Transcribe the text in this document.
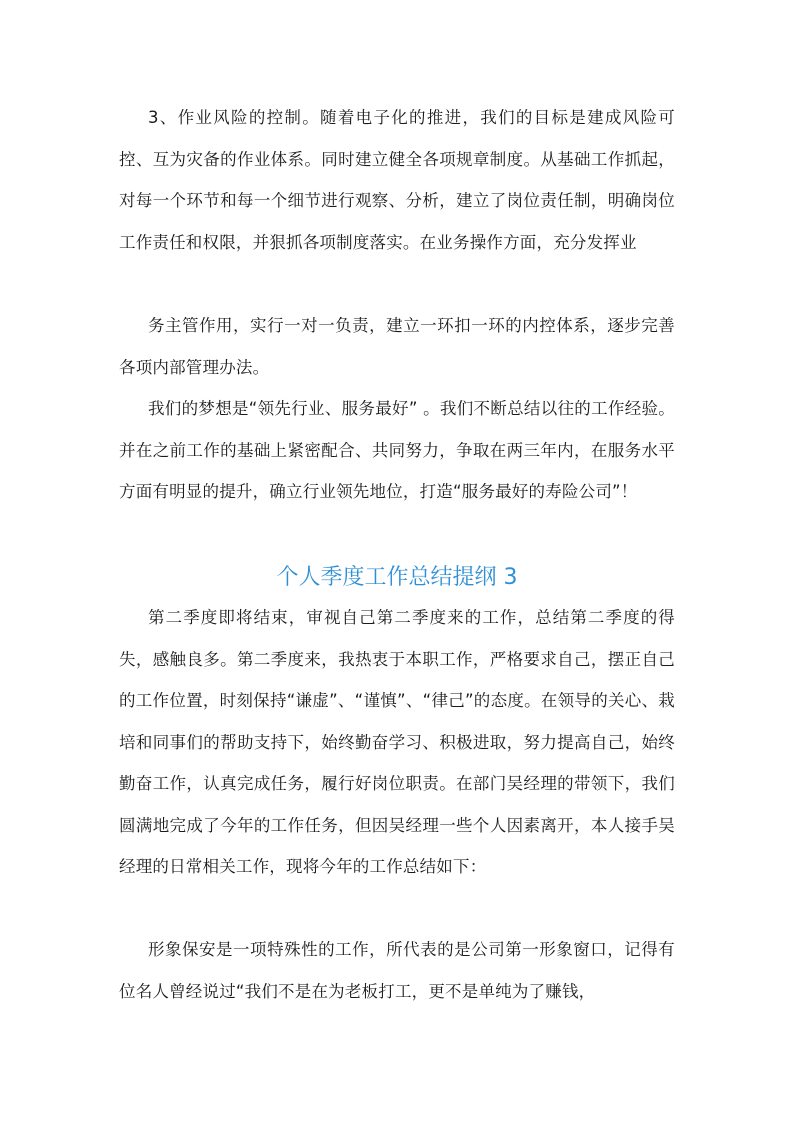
3、作业风险的控制。随着电子化的推进，我们的目标是建成风险可控、互为灾备的作业体系。同时建立健全各项规章制度。从基础工作抓起，对每一个环节和每一个细节进行观察、分析，建立了岗位责任制，明确岗位工作责任和权限，并狠抓各项制度落实。在业务操作方面，充分发挥业

务主管作用，实行一对一负责，建立一环扣一环的内控体系，逐步完善各项内部管理办法。

我们的梦想是“领先行业、服务最好” 。我们不断总结以往的工作经验。并在之前工作的基础上紧密配合、共同努力，争取在两三年内，在服务水平方面有明显的提升，确立行业领先地位，打造“服务最好的寿险公司”！

个人季度工作总结提纲 3

第二季度即将结束，审视自己第二季度来的工作，总结第二季度的得失，感触良多。第二季度来，我热衷于本职工作，严格要求自己，摆正自己的工作位置，时刻保持“谦虚”、“谨慎”、“律己”的态度。在领导的关心、栽培和同事们的帮助支持下，始终勤奋学习、积极进取，努力提高自己，始终勤奋工作，认真完成任务，履行好岗位职责。在部门吴经理的带领下，我们圆满地完成了今年的工作任务，但因吴经理一些个人因素离开，本人接手吴经理的日常相关工作，现将今年的工作总结如下：

形象保安是一项特殊性的工作，所代表的是公司第一形象窗口，记得有位名人曾经说过“我们不是在为老板打工，更不是单纯为了赚钱，
